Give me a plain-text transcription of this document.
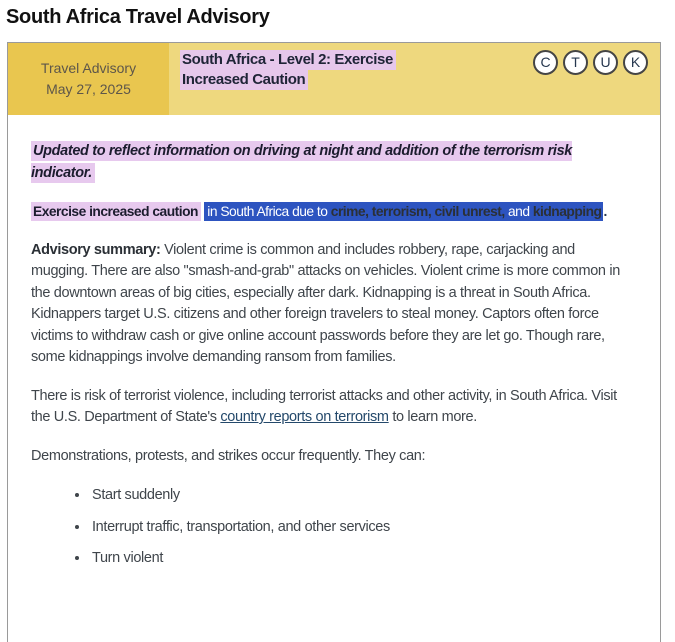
South Africa Travel Advisory
Travel Advisory
May 27, 2025
South Africa - Level 2: Exercise
Increased Caution
C	T	U	K

Updated to reflect information on driving at night and addition of the terrorism risk indicator.

Exercise increased caution in South Africa due to crime, terrorism, civil unrest, and kidnapping .

Advisory summary: Violent crime is common and includes robbery, rape, carjacking and mugging. There are also "smash-and-grab" attacks on vehicles. Violent crime is more common in the downtown areas of big cities, especially after dark. Kidnapping is a threat in South Africa. Kidnappers target U.S. citizens and other foreign travelers to steal money. Captors often force victims to withdraw cash or give online account passwords before they are let go. Though rare, some kidnappings involve demanding ransom from families.

There is risk of terrorist violence, including terrorist attacks and other activity, in South Africa. Visit the U.S. Department of State's country reports on terrorism to learn more.

Demonstrations, protests, and strikes occur frequently. They can:

• Start suddenly
• Interrupt traffic, transportation, and other services
• Turn violent
